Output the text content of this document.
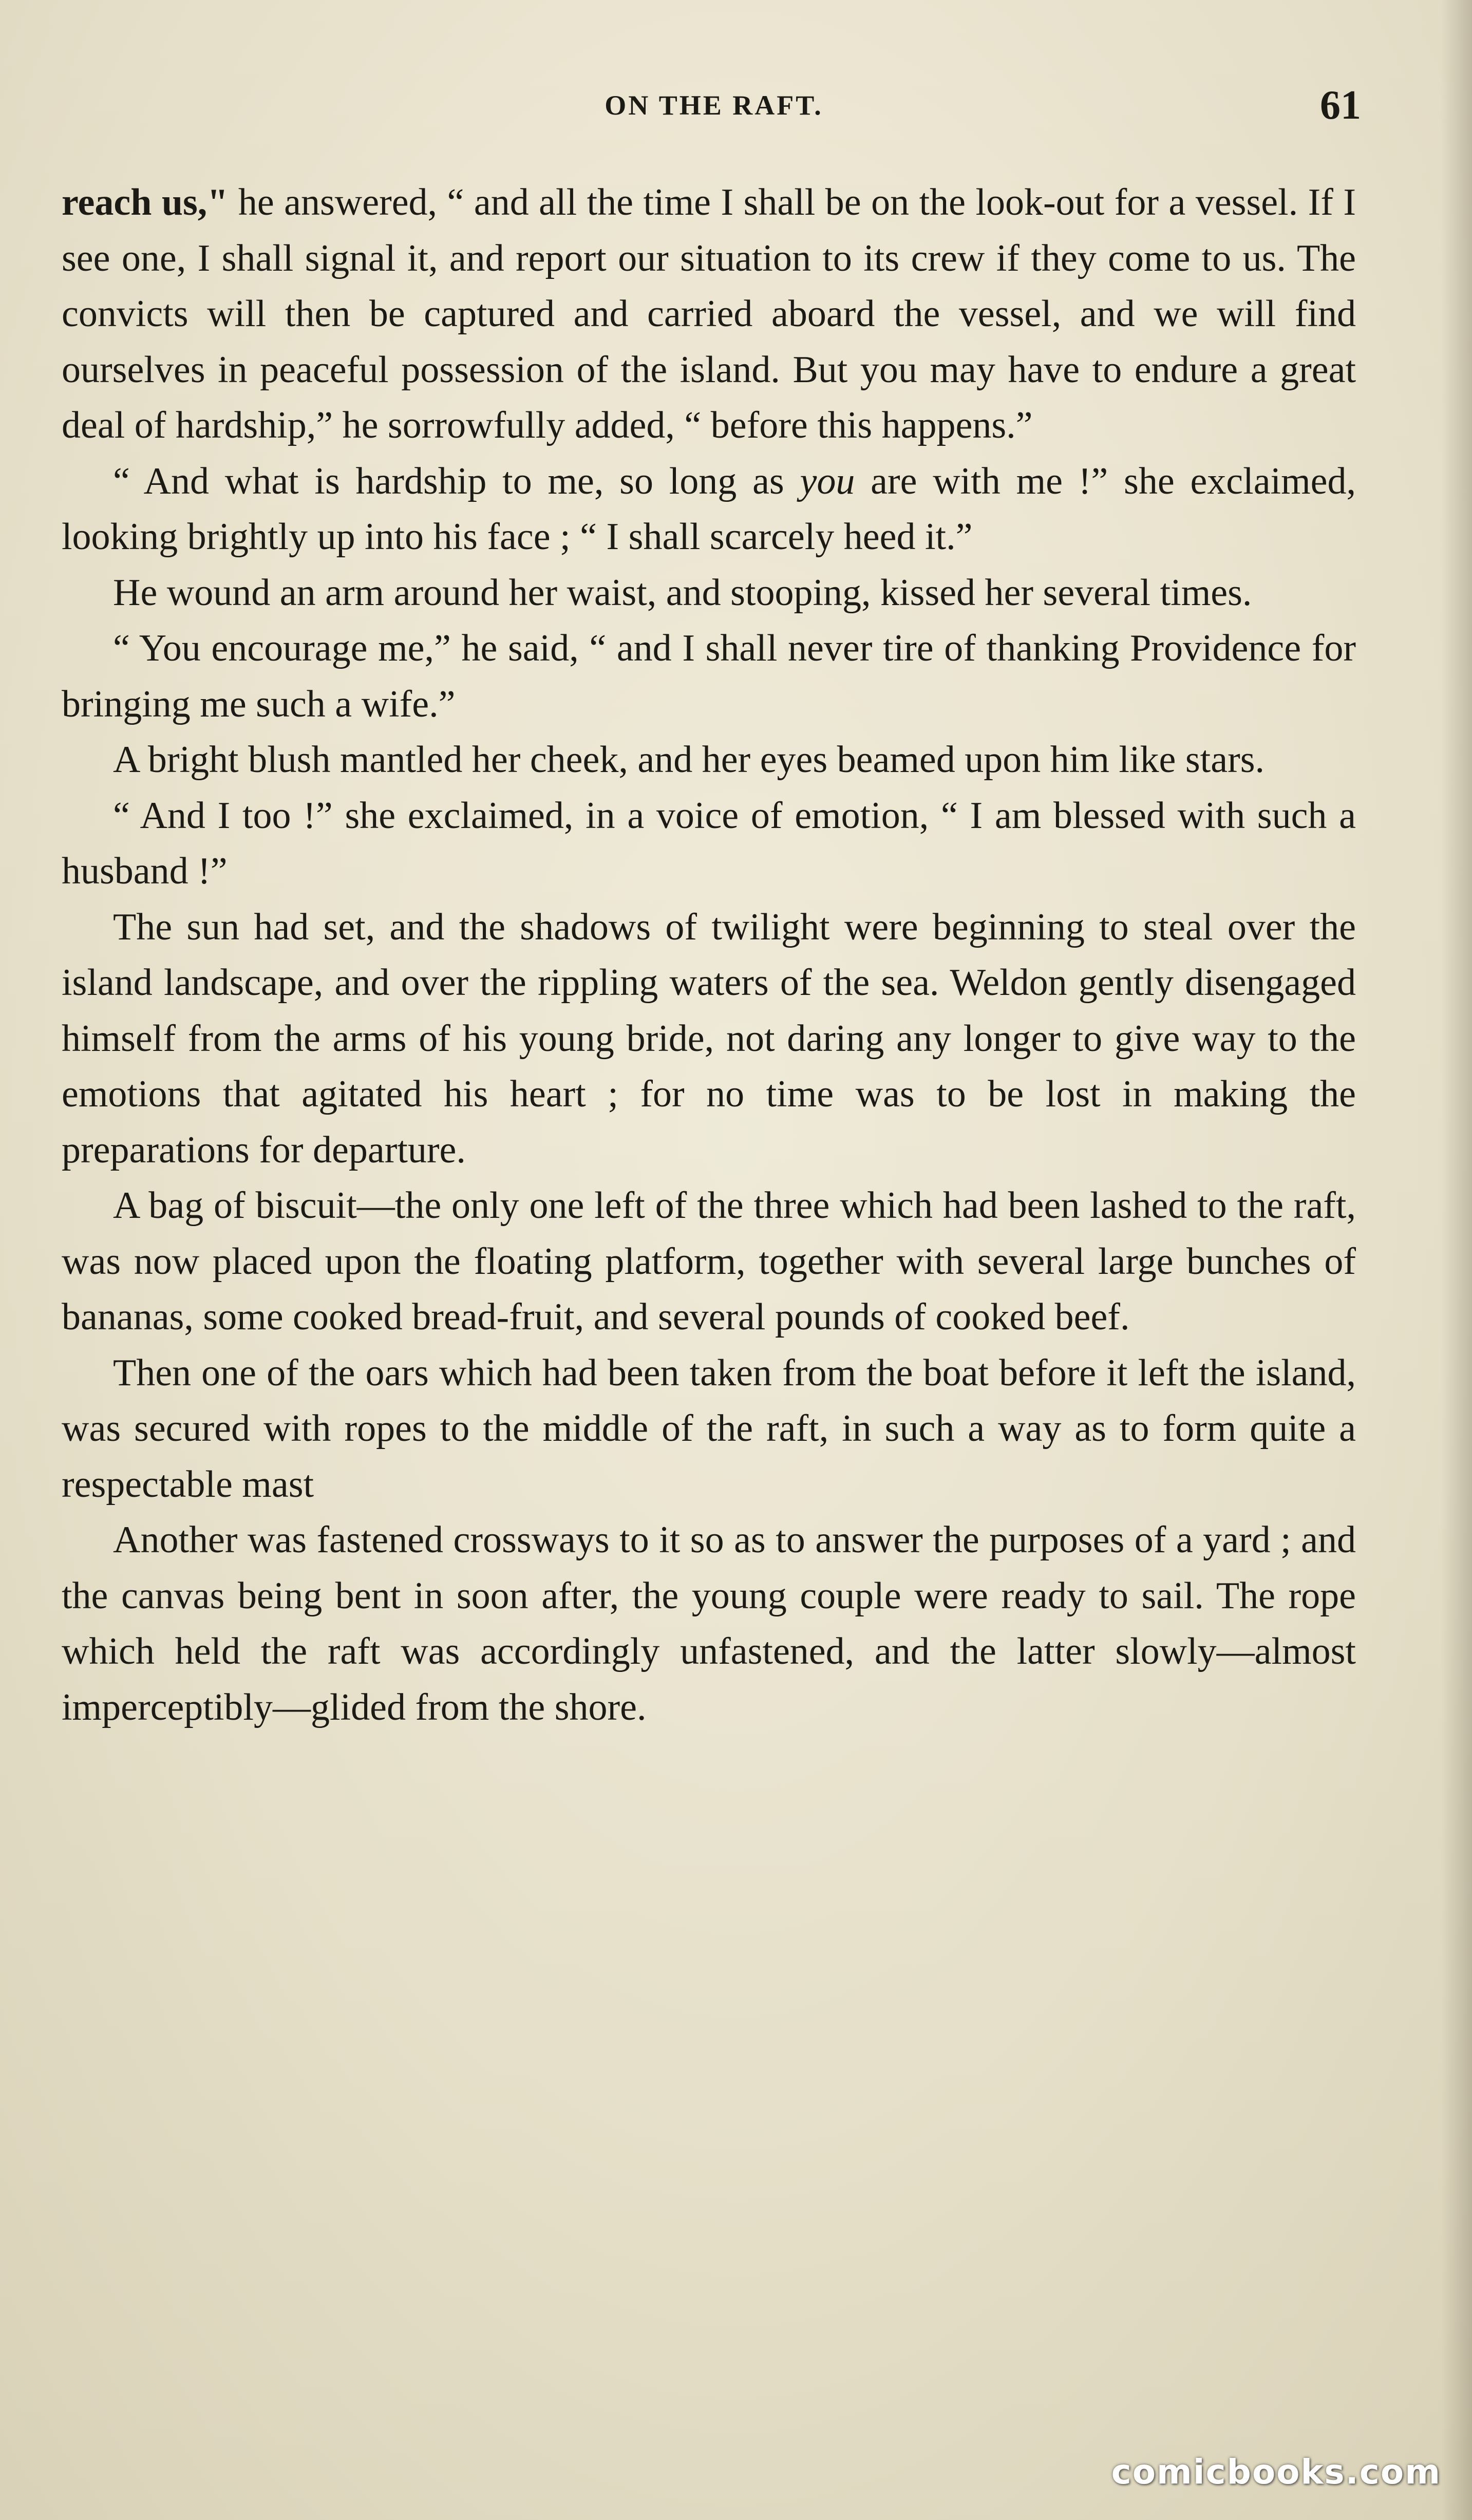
ON THE RAFT.	61

reach us," he answered, “ and all the time I shall be on the look-out for a vessel. If I see one, I shall signal it, and report our situation to its crew if they come to us. The convicts will then be captured and carried aboard the vessel, and we will find ourselves in peaceful possession of the island. But you may have to endure a great deal of hardship,” he sorrowfully added, “ before this happens.”

“ And what is hardship to me, so long as you are with me !” she exclaimed, looking brightly up into his face ; “ I shall scarcely heed it.”

He wound an arm around her waist, and stooping, kissed her several times.

“ You encourage me,” he said, “ and I shall never tire of thanking Providence for bringing me such a wife.”

A bright blush mantled her cheek, and her eyes beamed upon him like stars.

“ And I too !” she exclaimed, in a voice of emotion, “ I am blessed with such a husband !”

The sun had set, and the shadows of twilight were beginning to steal over the island landscape, and over the rippling waters of the sea. Weldon gently disengaged himself from the arms of his young bride, not daring any longer to give way to the emotions that agitated his heart ; for no time was to be lost in making the preparations for departure.

A bag of biscuit—the only one left of the three which had been lashed to the raft, was now placed upon the floating platform, together with several large bunches of bananas, some cooked bread-fruit, and several pounds of cooked beef.

Then one of the oars which had been taken from the boat before it left the island, was secured with ropes to the middle of the raft, in such a way as to form quite a respectable mast

Another was fastened crossways to it so as to answer the purposes of a yard ; and the canvas being bent in soon after, the young couple were ready to sail. The rope which held the raft was accordingly unfastened, and the latter slowly—almost imperceptibly—glided from the shore.

comicbooks.com
